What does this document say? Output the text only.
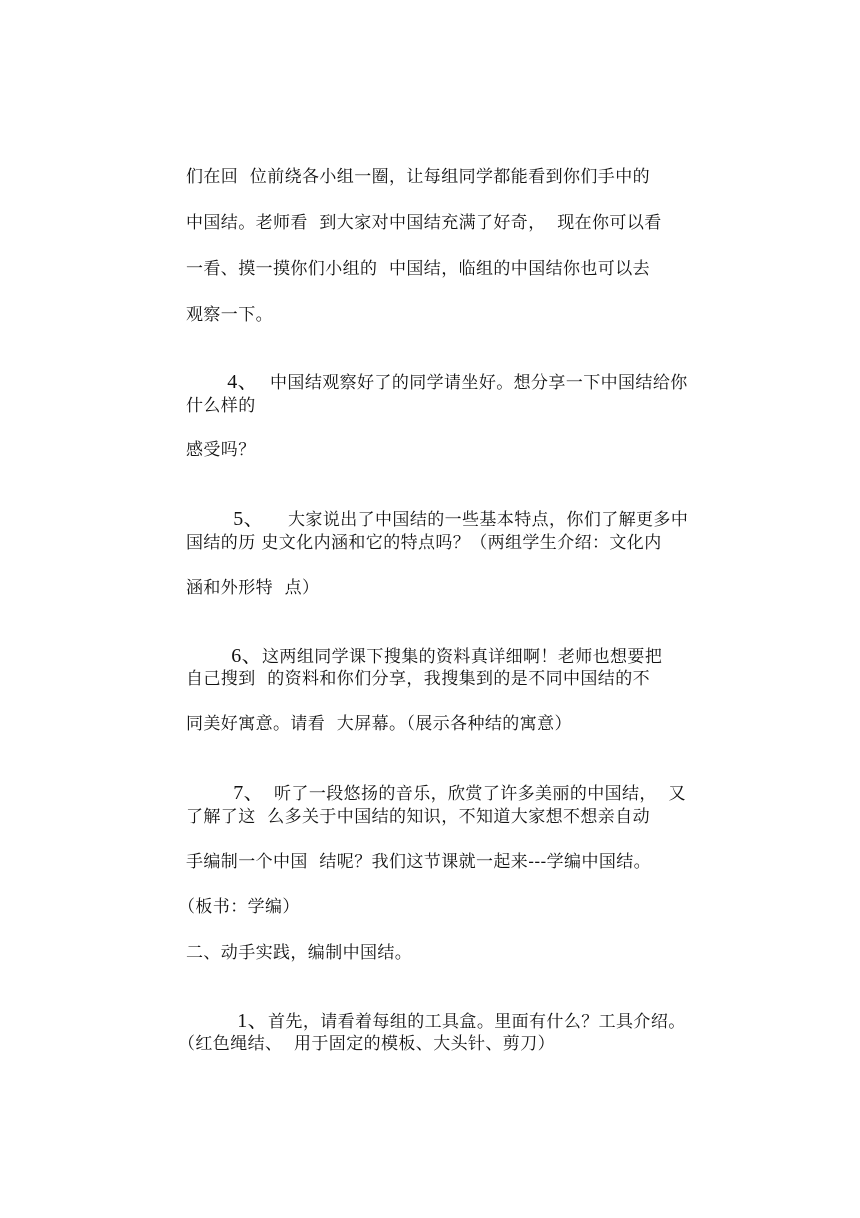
们在回  位前绕各小组一圈，让每组同学都能看到你们手中的
中国结。老师看  到大家对中国结充满了好奇，  现在你可以看
一看、摸一摸你们小组的  中国结，临组的中国结你也可以去
观察一下。

4、 中国结观察好了的同学请坐好。想分享一下中国结给你

什么样的
感受吗？

5、 大家说出了中国结的一些基本特点，你们了解更多中

国结的历 史文化内涵和它的特点吗？（两组学生介绍：文化内
涵和外形特  点）

6、这两组同学课下搜集的资料真详细啊！老师也想要把

自己搜到  的资料和你们分享，我搜集到的是不同中国结的不
同美好寓意。请看  大屏幕。（展示各种结的寓意）

7、 听了一段悠扬的音乐，欣赏了许多美丽的中国结，  又

了解了这  么多关于中国结的知识，不知道大家想不想亲自动
手编制一个中国  结呢？我们这节课就一起来---学编中国结。
（板书：学编）
二、动手实践，编制中国结。

1、首先，请看着每组的工具盒。里面有什么？工具介绍。

（红色绳结、  用于固定的模板、大头针、剪刀）
